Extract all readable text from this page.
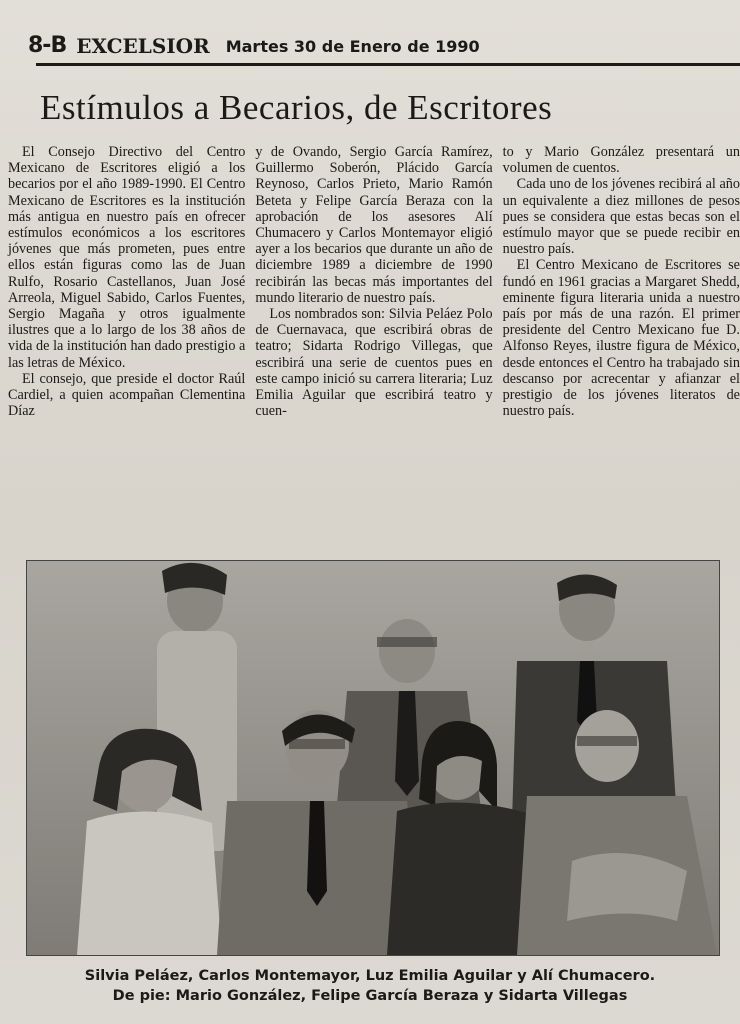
8-B EXCELSIOR Martes 30 de Enero de 1990
Estímulos a Becarios, de Escritores

El Consejo Directivo del Centro Mexicano de Escritores eligió a los becarios por el año 1989-1990. El Centro Mexicano de Escritores es la institución más antigua en nuestro país en ofrecer estímulos económicos a los escritores jóvenes que más prometen, pues entre ellos están figuras como las de Juan Rulfo, Rosario Castellanos, Juan José Arreola, Miguel Sabido, Carlos Fuentes, Sergio Magaña y otros igualmente ilustres que a lo largo de los 38 años de vida de la institución han dado prestigio a las letras de México.

El consejo, que preside el doctor Raúl Cardiel, a quien acompañan Clementina Díaz

y de Ovando, Sergio García Ramírez, Guillermo Soberón, Plácido García Reynoso, Carlos Prieto, Mario Ramón Beteta y Felipe García Beraza con la aprobación de los asesores Alí Chumacero y Carlos Montemayor eligió ayer a los becarios que durante un año de diciembre 1989 a diciembre de 1990 recibirán las becas más importantes del mundo literario de nuestro país.

Los nombrados son: Silvia Peláez Polo de Cuernavaca, que escribirá obras de teatro; Sidarta Rodrigo Villegas, que escribirá una serie de cuentos pues en este campo inició su carrera literaria; Luz Emilia Aguilar que escribirá teatro y cuen-

to y Mario González presentará un volumen de cuentos.

Cada uno de los jóvenes recibirá al año un equivalente a diez millones de pesos pues se considera que estas becas son el estímulo mayor que se puede recibir en nuestro país.

El Centro Mexicano de Escritores se fundó en 1961 gracias a Margaret Shedd, eminente figura literaria unida a nuestro país por más de una razón. El primer presidente del Centro Mexicano fue D. Alfonso Reyes, ilustre figura de México, desde entonces el Centro ha trabajado sin descanso por acrecentar y afianzar el prestigio de los jóvenes literatos de nuestro país.

Silvia Peláez, Carlos Montemayor, Luz Emilia Aguilar y Alí Chumacero.
De pie: Mario González, Felipe García Beraza y Sidarta Villegas
